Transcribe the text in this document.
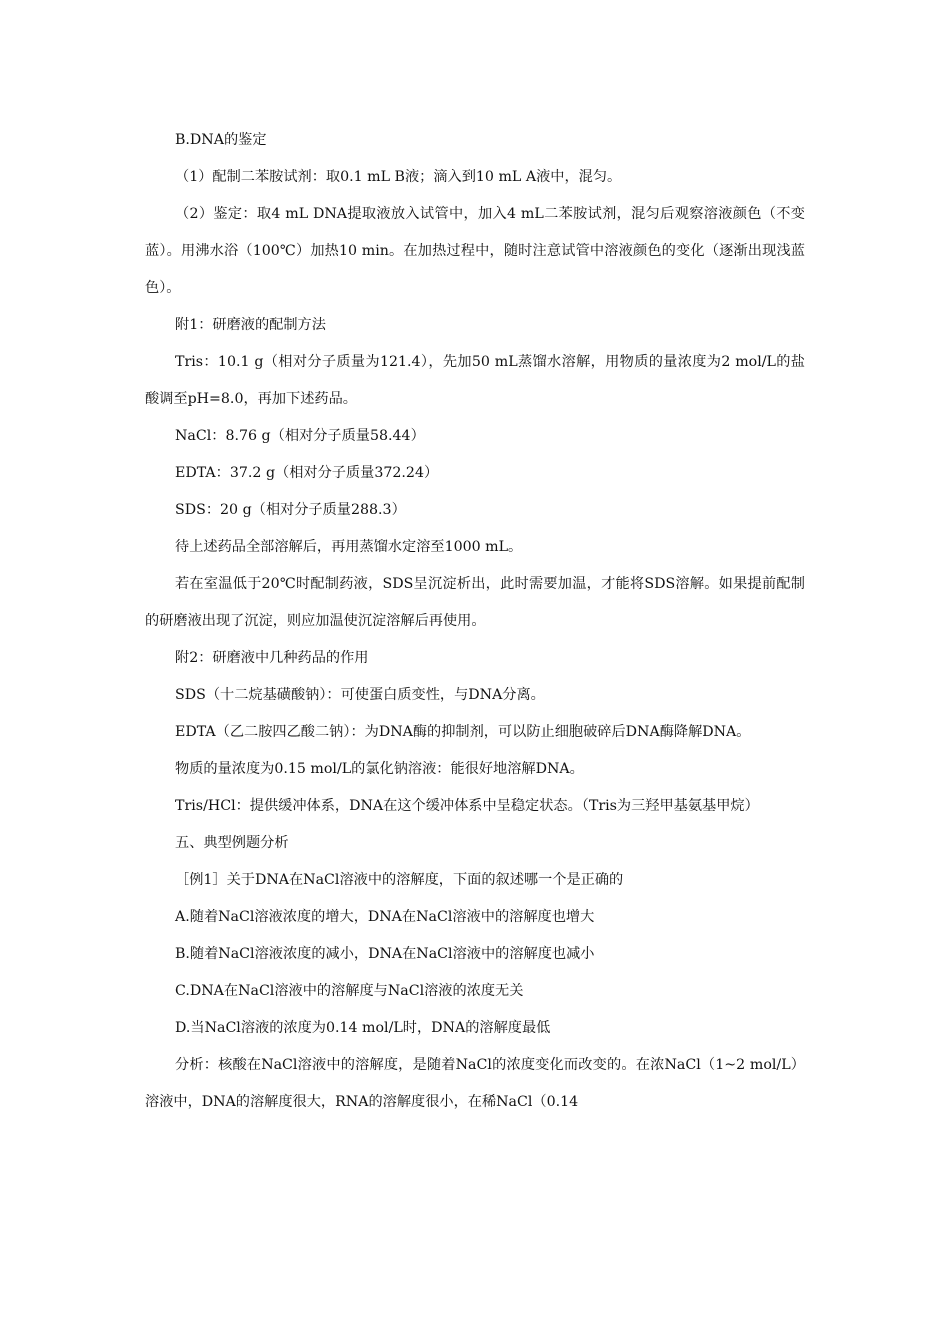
B.DNA的鉴定

（1）配制二苯胺试剂：取0.1 mL B液；滴入到10 mL A液中，混匀。

（2）鉴定：取4 mL DNA提取液放入试管中，加入4 mL二苯胺试剂，混匀后观察溶液颜色（不变蓝）。用沸水浴（100℃）加热10 min。在加热过程中，随时注意试管中溶液颜色的变化（逐渐出现浅蓝色）。

附1：研磨液的配制方法

Tris：10.1 g（相对分子质量为121.4），先加50 mL蒸馏水溶解，用物质的量浓度为2 mol/L的盐酸调至pH=8.0，再加下述药品。

NaCl：8.76 g（相对分子质量58.44）

EDTA：37.2 g（相对分子质量372.24）

SDS：20 g（相对分子质量288.3）

待上述药品全部溶解后，再用蒸馏水定溶至1000 mL。

若在室温低于20℃时配制药液，SDS呈沉淀析出，此时需要加温，才能将SDS溶解。如果提前配制的研磨液出现了沉淀，则应加温使沉淀溶解后再使用。

附2：研磨液中几种药品的作用

SDS（十二烷基磺酸钠）：可使蛋白质变性，与DNA分离。

EDTA（乙二胺四乙酸二钠）：为DNA酶的抑制剂，可以防止细胞破碎后DNA酶降解DNA。

物质的量浓度为0.15 mol/L的氯化钠溶液：能很好地溶解DNA。

Tris/HCl：提供缓冲体系，DNA在这个缓冲体系中呈稳定状态。（Tris为三羟甲基氨基甲烷）

五、典型例题分析

［例1］关于DNA在NaCl溶液中的溶解度，下面的叙述哪一个是正确的

A.随着NaCl溶液浓度的增大，DNA在NaCl溶液中的溶解度也增大

B.随着NaCl溶液浓度的减小，DNA在NaCl溶液中的溶解度也减小

C.DNA在NaCl溶液中的溶解度与NaCl溶液的浓度无关

D.当NaCl溶液的浓度为0.14 mol/L时，DNA的溶解度最低

分析：核酸在NaCl溶液中的溶解度，是随着NaCl的浓度变化而改变的。在浓NaCl（1~2 mol/L）溶液中，DNA的溶解度很大，RNA的溶解度很小，在稀NaCl（0.14
